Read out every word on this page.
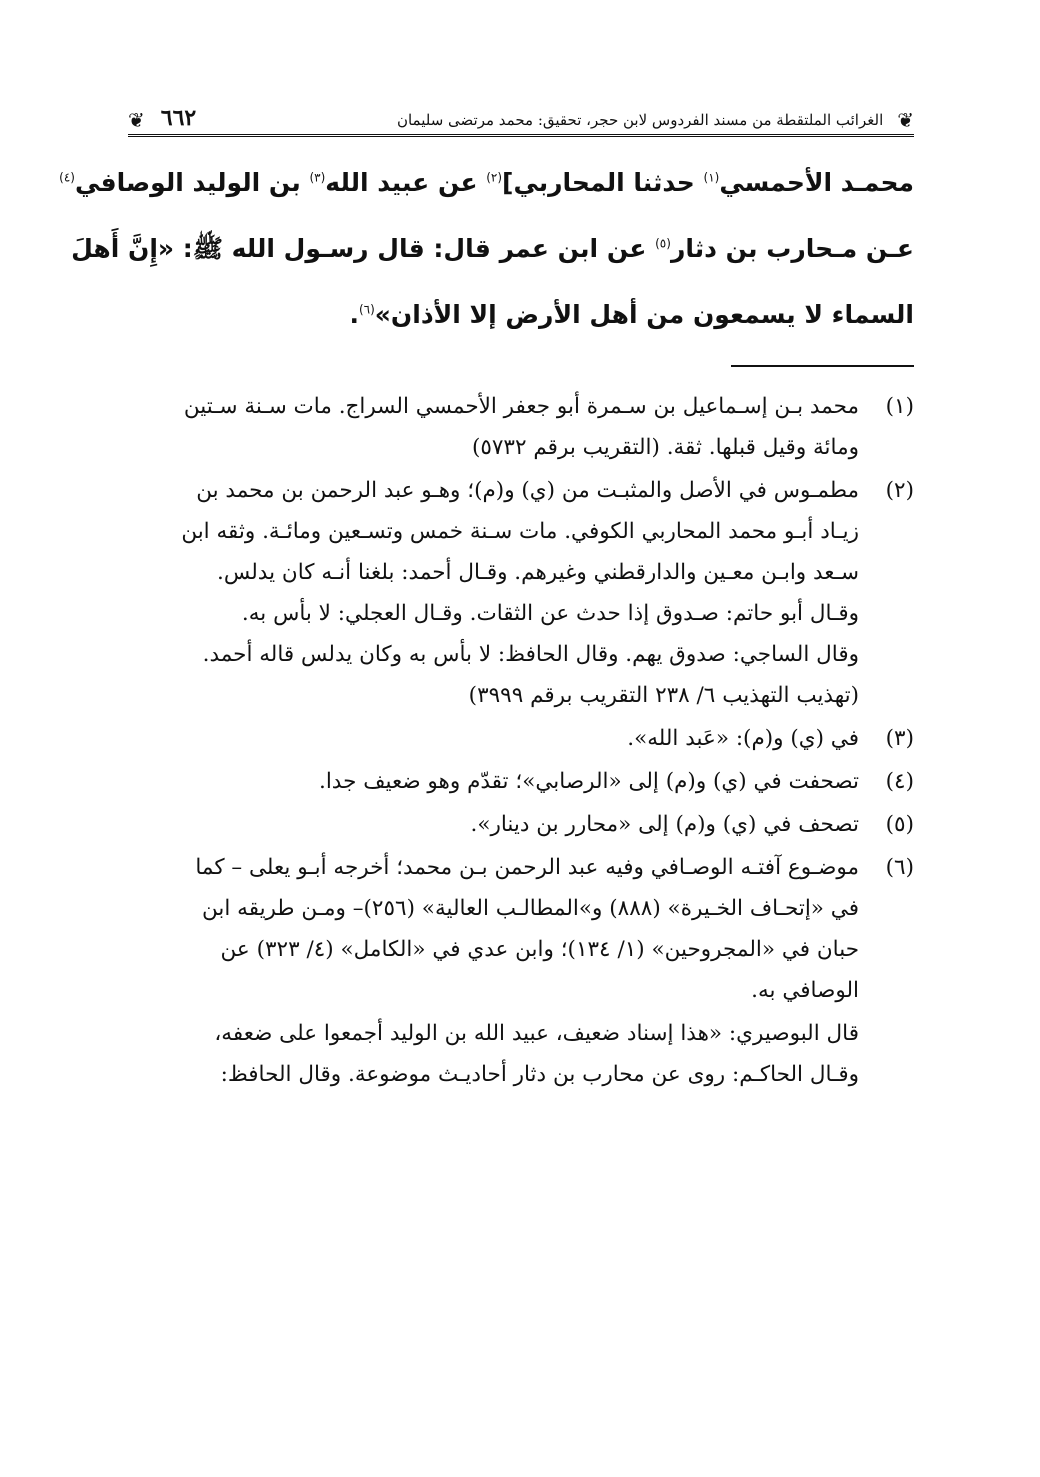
❦
الغرائب الملتقطة من مسند الفردوس لابن حجر، تحقيق: محمد مرتضى سليمان
٦٦٢
❦
محمـد الأحمسي$^{(١)}$ حدثنا المحاربي]$^{(٢)}$ عن عبيد الله$^{(٣)}$ بن الوليد الوصافي$^{(٤)}$
عـن مـحارب بن دثار$^{(٥)}$ عن ابن عمر قال: قال رسـول الله ﷺ: «إِنَّ أَهلَ
السماء لا يسمعون من أهل الأرض إلا الأذان»$^{(٦)}$.
(١)
محمد بـن إسـماعيل بن سـمرة أبو جعفر الأحمسي السراج. مات سـنة سـتين
ومائة وقيل قبلها. ثقة. (التقريب برقم ٥٧٣٢)
(٢)
مطمـوس في الأصل والمثبـت من (ي) و(م)؛ وهـو عبد الرحمن بن محمد بن
زيـاد أبـو محمد المحاربي الكوفي. مات سـنة خمس وتسـعين ومائـة. وثقه ابن
سـعد وابـن معـين والدارقطني وغيرهم. وقـال أحمد: بلغنا أنـه كان يدلس.
وقـال أبو حاتم: صـدوق إذا حدث عن الثقات. وقـال العجلي: لا بأس به.
وقال الساجي: صدوق يهم. وقال الحافظ: لا بأس به وكان يدلس قاله أحمد.
(تهذيب التهذيب ٦/ ٢٣٨ التقريب برقم ٣٩٩٩)
(٣)
في (ي) و(م): «عَبد الله».
(٤)
تصحفت في (ي) و(م) إلى «الرصابي»؛ تقدّم وهو ضعيف جدا.
(٥)
تصحف في (ي) و(م) إلى «محارر بن دينار».
(٦)
موضـوع آفتـه الوصـافي وفيه عبد الرحمن بـن محمد؛ أخرجه أبـو يعلى – كما
في «إتحـاف الخـيرة» (٨٨٨) و»المطالـب العالية» (٢٥٦)– ومـن طريقه ابن
حبان في «المجروحين» (١/ ١٣٤)؛ وابن عدي في «الكامل» (٤/ ٣٢٣) عن
الوصافي به.
قال البوصيري: «هذا إسناد ضعيف، عبيد الله بن الوليد أجمعوا على ضعفه،
وقـال الحاكـم: روى عن محارب بن دثار أحاديـث موضوعة. وقال الحافظ:
